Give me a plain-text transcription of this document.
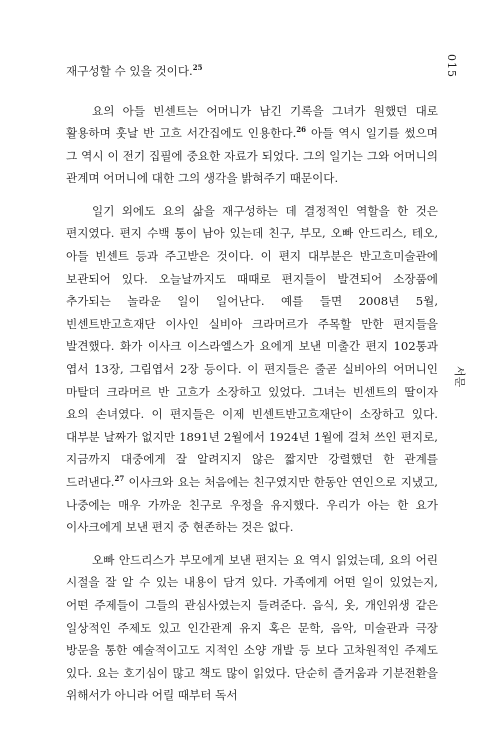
015
서문

재구성할 수 있을 것이다.$^{25}$

요의 아들 빈센트는 어머니가 남긴 기록을 그녀가 원했던 대로 활용하며 훗날 반 고흐 서간집에도 인용한다.$^{26}$ 아들 역시 일기를 썼으며 그 역시 이 전기 집필에 중요한 자료가 되었다. 그의 일기는 그와 어머니의 관계며 어머니에 대한 그의 생각을 밝혀주기 때문이다.

일기 외에도 요의 삶을 재구성하는 데 결정적인 역할을 한 것은 편지였다. 편지 수백 통이 남아 있는데 친구, 부모, 오빠 안드리스, 테오, 아들 빈센트 등과 주고받은 것이다. 이 편지 대부분은 반고흐미술관에 보관되어 있다. 오늘날까지도 때때로 편지들이 발견되어 소장품에 추가되는 놀라운 일이 일어난다. 예를 들면 2008년 5월, 빈센트반고흐재단 이사인 실비아 크라머르가 주목할 만한 편지들을 발견했다. 화가 이사크 이스라엘스가 요에게 보낸 미출간 편지 102통과 엽서 13장, 그림엽서 2장 등이다. 이 편지들은 줄곧 실비아의 어머니인 마탈더 크라머르 반 고흐가 소장하고 있었다. 그녀는 빈센트의 딸이자 요의 손녀였다. 이 편지들은 이제 빈센트반고흐재단이 소장하고 있다. 대부분 날짜가 없지만 1891년 2월에서 1924년 1월에 걸쳐 쓰인 편지로, 지금까지 대중에게 잘 알려지지 않은 짧지만 강렬했던 한 관계를 드러낸다.$^{27}$ 이사크와 요는 처음에는 친구였지만 한동안 연인으로 지냈고, 나중에는 매우 가까운 친구로 우정을 유지했다. 우리가 아는 한 요가 이사크에게 보낸 편지 중 현존하는 것은 없다.

오빠 안드리스가 부모에게 보낸 편지는 요 역시 읽었는데, 요의 어린 시절을 잘 알 수 있는 내용이 담겨 있다. 가족에게 어떤 일이 있었는지, 어떤 주제들이 그들의 관심사였는지 들려준다. 음식, 옷, 개인위생 같은 일상적인 주제도 있고 인간관계 유지 혹은 문학, 음악, 미술관과 극장 방문을 통한 예술적이고도 지적인 소양 개발 등 보다 고차원적인 주제도 있다. 요는 호기심이 많고 책도 많이 읽었다. 단순히 즐거움과 기분전환을 위해서가 아니라 어릴 때부터 독서
